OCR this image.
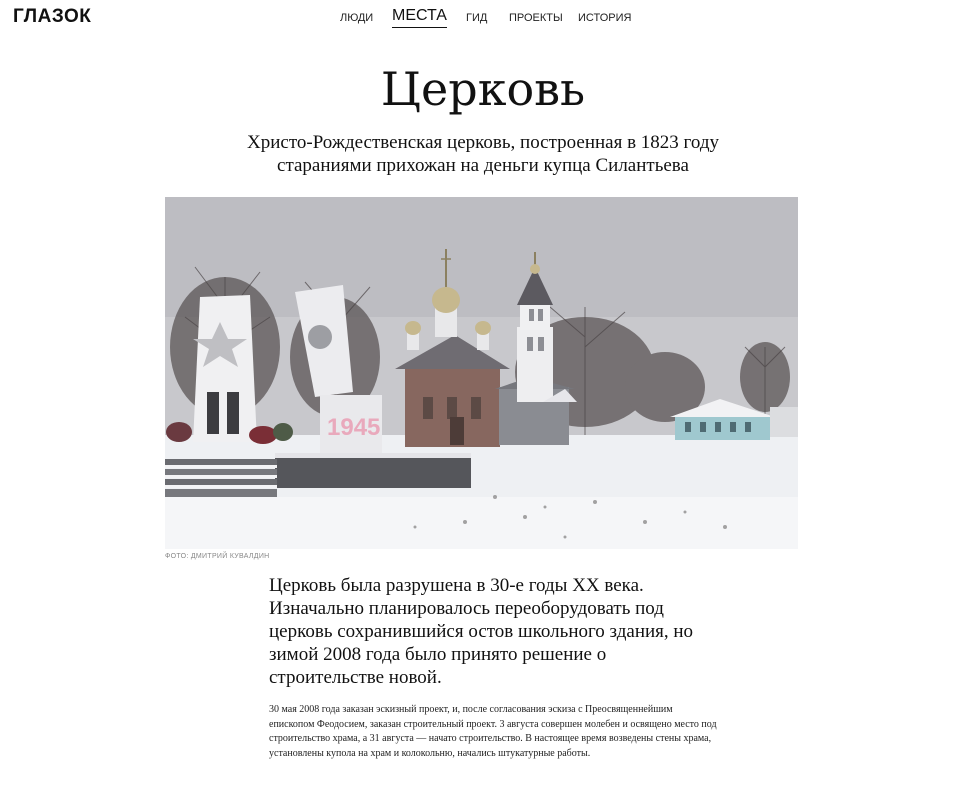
ГЛАЗОК	ЛЮДИ МЕСТА ГИД ПРОЕКТЫ ИСТОРИЯ
Церковь

Христо-Рождественская церковь, построенная в 1823 году стараниями прихожан на деньги купца Силантьева

1945
ФОТО: ДМИТРИЙ КУВАЛДИН

Церковь была разрушена в 30-е годы XX века. Изначально планировалось переоборудовать под церковь сохранившийся остов школьного здания, но зимой 2008 года было принято решение о строительстве новой.

30 мая 2008 года заказан эскизный проект, и, после согласования эскиза с Преосвященнейшим епископом Феодосием, заказан строительный проект. 3 августа совершен молебен и освящено место под строительство храма, а 31 августа — начато строительство. В настоящее время возведены стены храма, установлены купола на храм и колокольню, начались штукатурные работы.
